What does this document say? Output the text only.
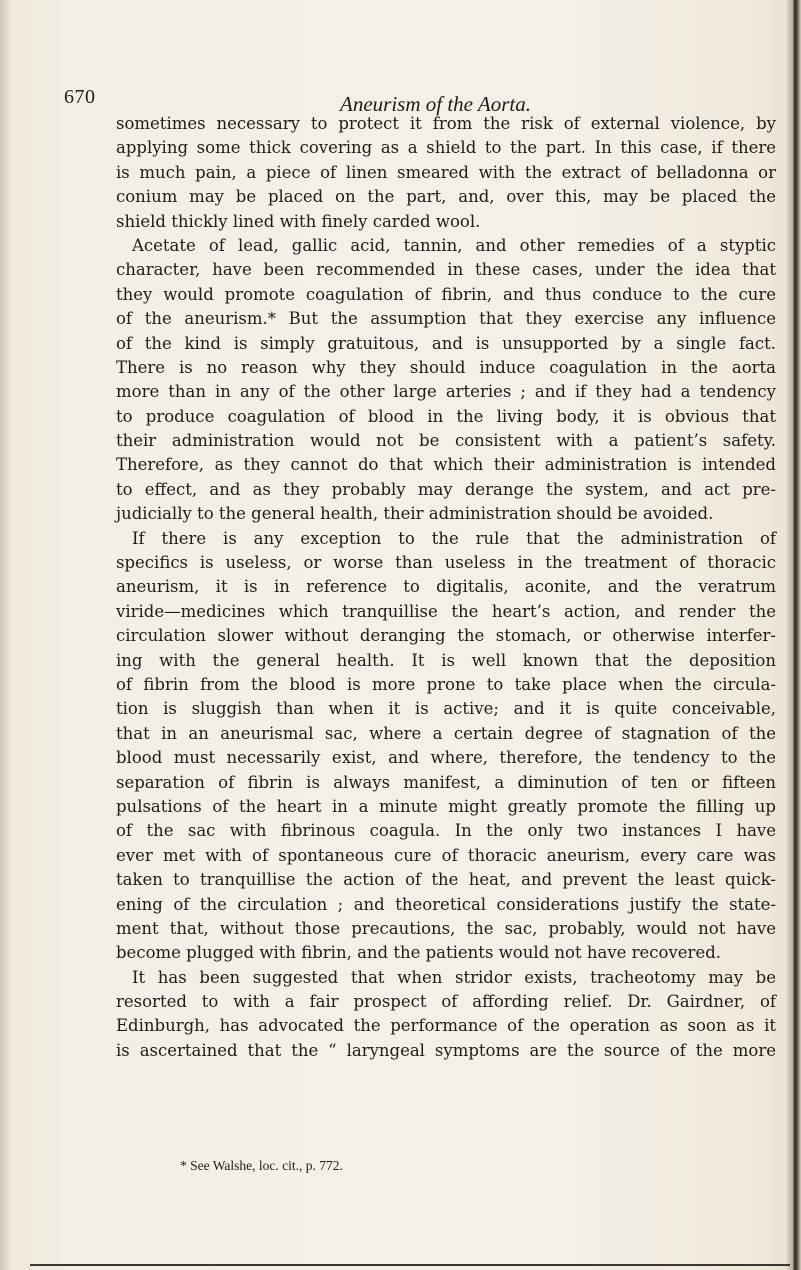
670	Aneurism of the Aorta.
sometimes necessary to protect it from the risk of external violence, by
applying some thick covering as a shield to the part. In this case, if there
is much pain, a piece of linen smeared with the extract of belladonna or
conium may be placed on the part, and, over this, may be placed the
shield thickly lined with finely carded wool.
Acetate of lead, gallic acid, tannin, and other remedies of a styptic
character, have been recommended in these cases, under the idea that
they would promote coagulation of fibrin, and thus conduce to the cure
of the aneurism.* But the assumption that they exercise any influence
of the kind is simply gratuitous, and is unsupported by a single fact.
There is no reason why they should induce coagulation in the aorta
more than in any of the other large arteries ; and if they had a tendency
to produce coagulation of blood in the living body, it is obvious that
their administration would not be consistent with a patient’s safety.
Therefore, as they cannot do that which their administration is intended
to effect, and as they probably may derange the system, and act pre-
judicially to the general health, their administration should be avoided.
If there is any exception to the rule that the administration of
specifics is useless, or worse than useless in the treatment of thoracic
aneurism, it is in reference to digitalis, aconite, and the veratrum
viride—medicines which tranquillise the heart’s action, and render the
circulation slower without deranging the stomach, or otherwise interfer-
ing with the general health. It is well known that the deposition
of fibrin from the blood is more prone to take place when the circula-
tion is sluggish than when it is active; and it is quite conceivable,
that in an aneurismal sac, where a certain degree of stagnation of the
blood must necessarily exist, and where, therefore, the tendency to the
separation of fibrin is always manifest, a diminution of ten or fifteen
pulsations of the heart in a minute might greatly promote the filling up
of the sac with fibrinous coagula. In the only two instances I have
ever met with of spontaneous cure of thoracic aneurism, every care was
taken to tranquillise the action of the heat, and prevent the least quick-
ening of the circulation ; and theoretical considerations justify the state-
ment that, without those precautions, the sac, probably, would not have
become plugged with fibrin, and the patients would not have recovered.
It has been suggested that when stridor exists, tracheotomy may be
resorted to with a fair prospect of affording relief. Dr. Gairdner, of
Edinburgh, has advocated the performance of the operation as soon as it
is ascertained that the “ laryngeal symptoms are the source of the more
* See Walshe, loc. cit., p. 772.
